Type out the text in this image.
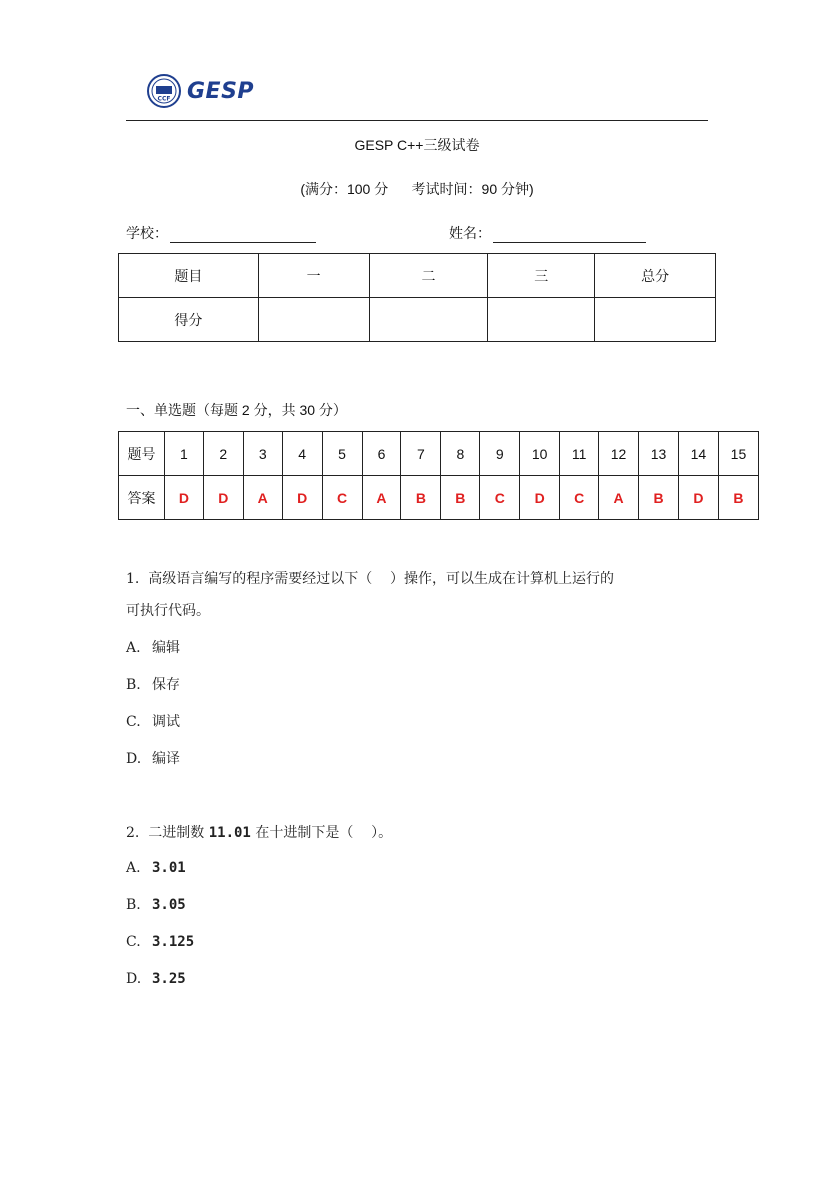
CCF GESP
GESP C++三级试卷
(满分：100 分      考试时间：90 分钟)
学校：	姓名：
题目	一	二	三	总分
得分				
一、单选题（每题 2 分，共 30 分）
题号	1	2	3	4	5	6	7	8	9	10	11	12	13	14	15
答案	D	D	A	D	C	A	B	B	C	D	C	A	B	D	B
1.  高级语言编写的程序需要经过以下（    ）操作，可以生成在计算机上运行的
可执行代码。
A. 编辑
B. 保存
C. 调试
D. 编译
2.  二进制数 11.01 在十进制下是（    ）。
A. 3.01
B. 3.05
C. 3.125
D. 3.25
